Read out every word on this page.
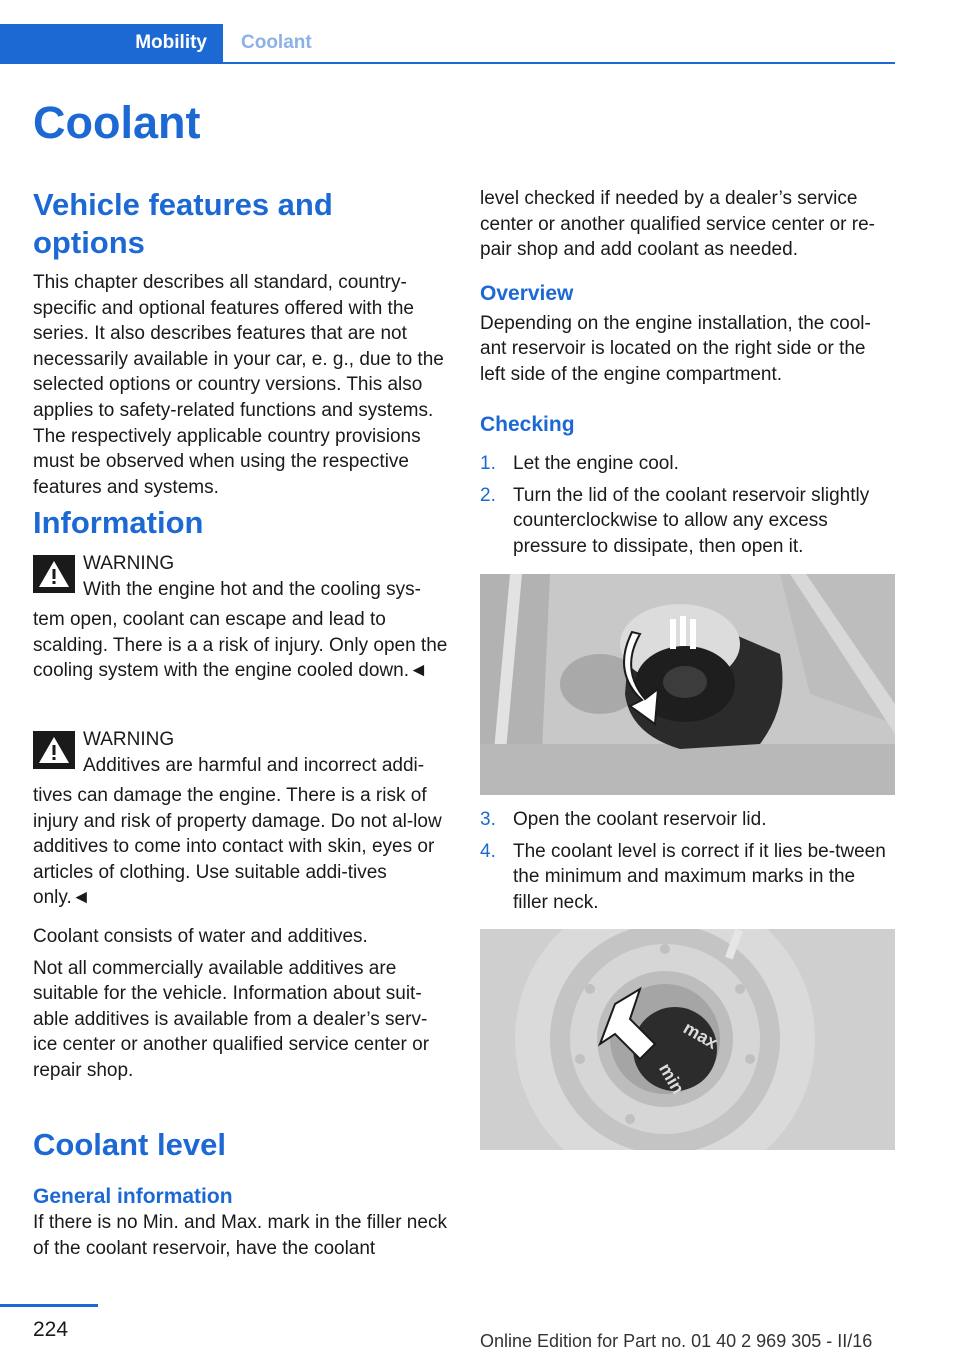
Mobility Coolant
Coolant
Vehicle features and options

This chapter describes all standard, country-specific and optional features offered with the series. It also describes features that are not necessarily available in your car, e. g., due to the selected options or country versions. This also applies to safety-related functions and systems. The respectively applicable country provisions must be observed when using the respective features and systems.

Information

WARNING

With the engine hot and the cooling sys-

tem open, coolant can escape and lead to scalding. There is a a risk of injury. Only open the cooling system with the engine cooled down.◄

WARNING

Additives are harmful and incorrect addi-

tives can damage the engine. There is a risk of injury and risk of property damage. Do not al-low additives to come into contact with skin, eyes or articles of clothing. Use suitable addi-tives only.◄

Coolant consists of water and additives.

Not all commercially available additives are suitable for the vehicle. Information about suit-able additives is available from a dealer’s serv-ice center or another qualified service center or repair shop.

Coolant level
General information

If there is no Min. and Max. mark in the filler neck of the coolant reservoir, have the coolant

level checked if needed by a dealer’s service center or another qualified service center or re-pair shop and add coolant as needed.

Overview

Depending on the engine installation, the cool-ant reservoir is located on the right side or the left side of the engine compartment.

Checking
1. Let the engine cool.
2. Turn the lid of the coolant reservoir slightly counterclockwise to allow any excess pressure to dissipate, then open it.
3. Open the coolant reservoir lid.
4. The coolant level is correct if it lies be-tween the minimum and maximum marks in the filler neck.
max
min
224	Online Edition for Part no. 01 40 2 969 305 - II/16
